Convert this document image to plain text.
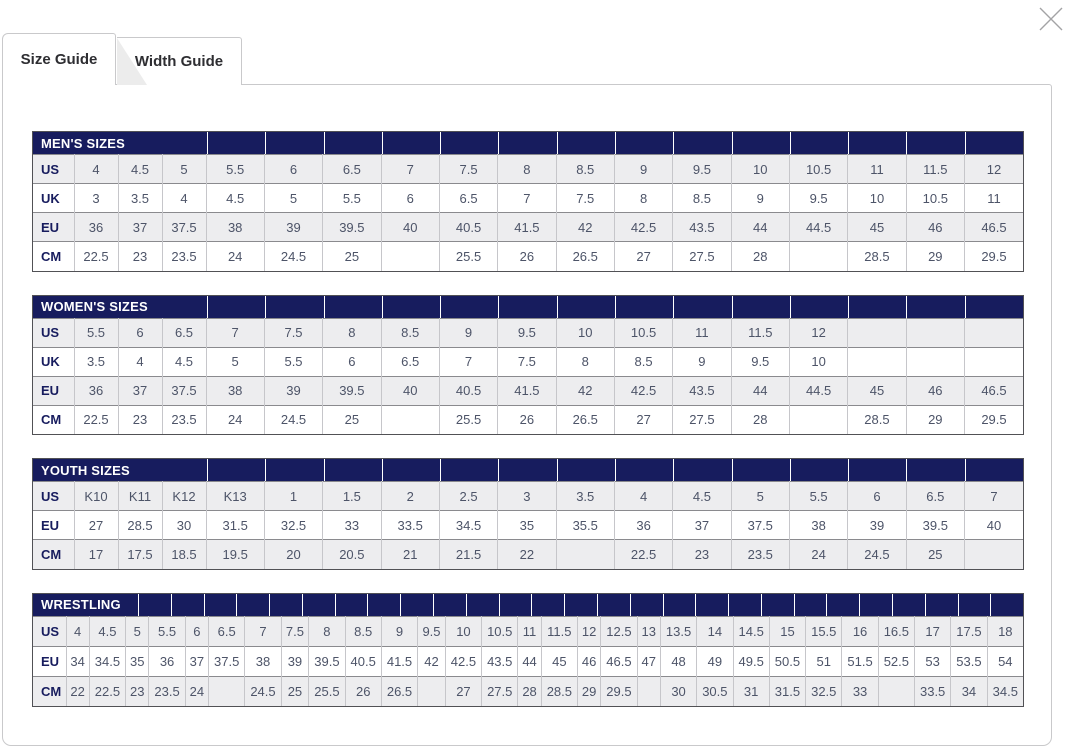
Size Guide	Width Guide
MEN'S SIZES
US	4	4.5	5	5.5	6	6.5	7	7.5	8	8.5	9	9.5	10	10.5	11	11.5	12
UK	3	3.5	4	4.5	5	5.5	6	6.5	7	7.5	8	8.5	9	9.5	10	10.5	11
EU	36	37	37.5	38	39	39.5	40	40.5	41.5	42	42.5	43.5	44	44.5	45	46	46.5
CM	22.5	23	23.5	24	24.5	25		25.5	26	26.5	27	27.5	28		28.5	29	29.5
WOMEN'S SIZES
US	5.5	6	6.5	7	7.5	8	8.5	9	9.5	10	10.5	11	11.5	12			
UK	3.5	4	4.5	5	5.5	6	6.5	7	7.5	8	8.5	9	9.5	10			
EU	36	37	37.5	38	39	39.5	40	40.5	41.5	42	42.5	43.5	44	44.5	45	46	46.5
CM	22.5	23	23.5	24	24.5	25		25.5	26	26.5	27	27.5	28		28.5	29	29.5
YOUTH SIZES
US	K10	K11	K12	K13	1	1.5	2	2.5	3	3.5	4	4.5	5	5.5	6	6.5	7
EU	27	28.5	30	31.5	32.5	33	33.5	34.5	35	35.5	36	37	37.5	38	39	39.5	40
CM	17	17.5	18.5	19.5	20	20.5	21	21.5	22		22.5	23	23.5	24	24.5	25	
WRESTLING
US	4	4.5	5	5.5	6	6.5	7	7.5	8	8.5	9	9.5	10	10.5	11	11.5	12	12.5	13	13.5	14	14.5	15	15.5	16	16.5	17	17.5	18
EU	34	34.5	35	36	37	37.5	38	39	39.5	40.5	41.5	42	42.5	43.5	44	45	46	46.5	47	48	49	49.5	50.5	51	51.5	52.5	53	53.5	54
CM	22	22.5	23	23.5	24		24.5	25	25.5	26	26.5		27	27.5	28	28.5	29	29.5		30	30.5	31	31.5	32.5	33		33.5	34	34.5
